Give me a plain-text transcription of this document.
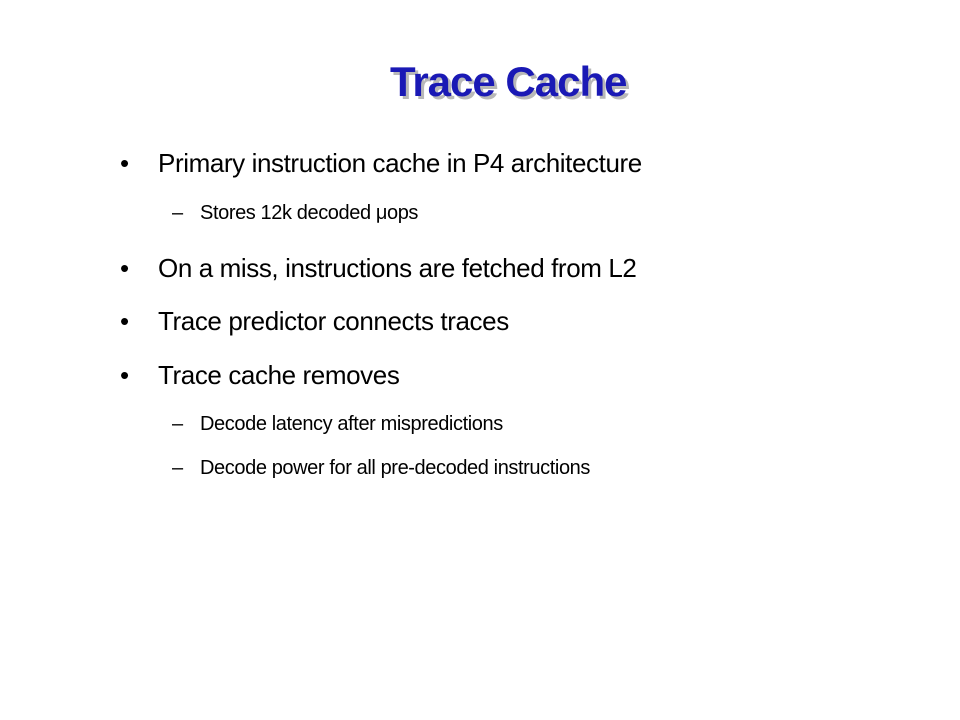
Trace Cache
• Primary instruction cache in P4 architecture
– Stores 12k decoded μops
• On a miss, instructions are fetched from L2
• Trace predictor connects traces
• Trace cache removes
– Decode latency after mispredictions
– Decode power for all pre-decoded instructions
